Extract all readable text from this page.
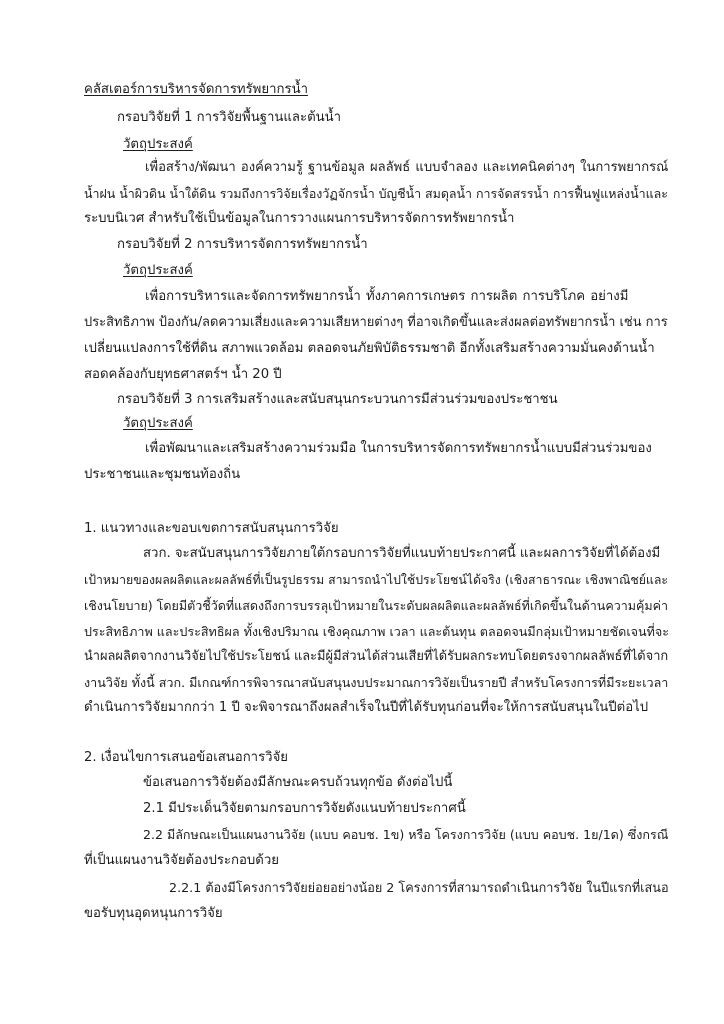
คลัสเตอร์การบริหารจัดการทรัพยากรน้ำ

กรอบวิจัยที่ 1 การวิจัยพื้นฐานและต้นน้ำ

วัตถุประสงค์

เพื่อสร้าง/พัฒนา องค์ความรู้ ฐานข้อมูล ผลลัพธ์ แบบจำลอง และเทคนิคต่างๆ ในการพยากรณ์

น้ำฝน น้ำผิวดิน น้ำใต้ดิน รวมถึงการวิจัยเรื่องวัฏจักรน้ำ บัญชีน้ำ สมดุลน้ำ การจัดสรรน้ำ การฟื้นฟูแหล่งน้ำและ

ระบบนิเวศ สำหรับใช้เป็นข้อมูลในการวางแผนการบริหารจัดการทรัพยากรน้ำ

กรอบวิจัยที่ 2 การบริหารจัดการทรัพยากรน้ำ

วัตถุประสงค์

เพื่อการบริหารและจัดการทรัพยากรน้ำ ทั้งภาคการเกษตร การผลิต การบริโภค อย่างมี

ประสิทธิภาพ ป้องกัน/ลดความเสี่ยงและความเสียหายต่างๆ ที่อาจเกิดขึ้นและส่งผลต่อทรัพยากรน้ำ เช่น การ

เปลี่ยนแปลงการใช้ที่ดิน สภาพแวดล้อม ตลอดจนภัยพิบัติธรรมชาติ อีกทั้งเสริมสร้างความมั่นคงด้านน้ำ

สอดคล้องกับยุทธศาสตร์ฯ น้ำ 20 ปี

กรอบวิจัยที่ 3 การเสริมสร้างและสนับสนุนกระบวนการมีส่วนร่วมของประชาชน

วัตถุประสงค์

เพื่อพัฒนาและเสริมสร้างความร่วมมือ ในการบริหารจัดการทรัพยากรน้ำแบบมีส่วนร่วมของ

ประชาชนและชุมชนท้องถิ่น

1. แนวทางและขอบเขตการสนับสนุนการวิจัย

สวก. จะสนับสนุนการวิจัยภายใต้กรอบการวิจัยที่แนบท้ายประกาศนี้ และผลการวิจัยที่ได้ต้องมี

เป้าหมายของผลผลิตและผลลัพธ์ที่เป็นรูปธรรม สามารถนำไปใช้ประโยชน์ได้จริง (เชิงสาธารณะ เชิงพาณิชย์และ

เชิงนโยบาย) โดยมีตัวชี้วัดที่แสดงถึงการบรรลุเป้าหมายในระดับผลผลิตและผลลัพธ์ที่เกิดขึ้นในด้านความคุ้มค่า

ประสิทธิภาพ และประสิทธิผล ทั้งเชิงปริมาณ เชิงคุณภาพ เวลา และต้นทุน ตลอดจนมีกลุ่มเป้าหมายชัดเจนที่จะ

นำผลผลิตจากงานวิจัยไปใช้ประโยชน์ และมีผู้มีส่วนได้ส่วนเสียที่ได้รับผลกระทบโดยตรงจากผลลัพธ์ที่ได้จาก

งานวิจัย ทั้งนี้ สวก. มีเกณฑ์การพิจารณาสนับสนุนงบประมาณการวิจัยเป็นรายปี สำหรับโครงการที่มีระยะเวลา

ดำเนินการวิจัยมากกว่า 1 ปี จะพิจารณาถึงผลสำเร็จในปีที่ได้รับทุนก่อนที่จะให้การสนับสนุนในปีต่อไป

2. เงื่อนไขการเสนอข้อเสนอการวิจัย

ข้อเสนอการวิจัยต้องมีลักษณะครบถ้วนทุกข้อ ดังต่อไปนี้

2.1 มีประเด็นวิจัยตามกรอบการวิจัยดังแนบท้ายประกาศนี้

2.2 มีลักษณะเป็นแผนงานวิจัย (แบบ คอบช. 1ข) หรือ โครงการวิจัย (แบบ คอบช. 1ย/1ด) ซึ่งกรณี

ที่เป็นแผนงานวิจัยต้องประกอบด้วย

2.2.1 ต้องมีโครงการวิจัยย่อยอย่างน้อย 2 โครงการที่สามารถดำเนินการวิจัย ในปีแรกที่เสนอ

ขอรับทุนอุดหนุนการวิจัย
